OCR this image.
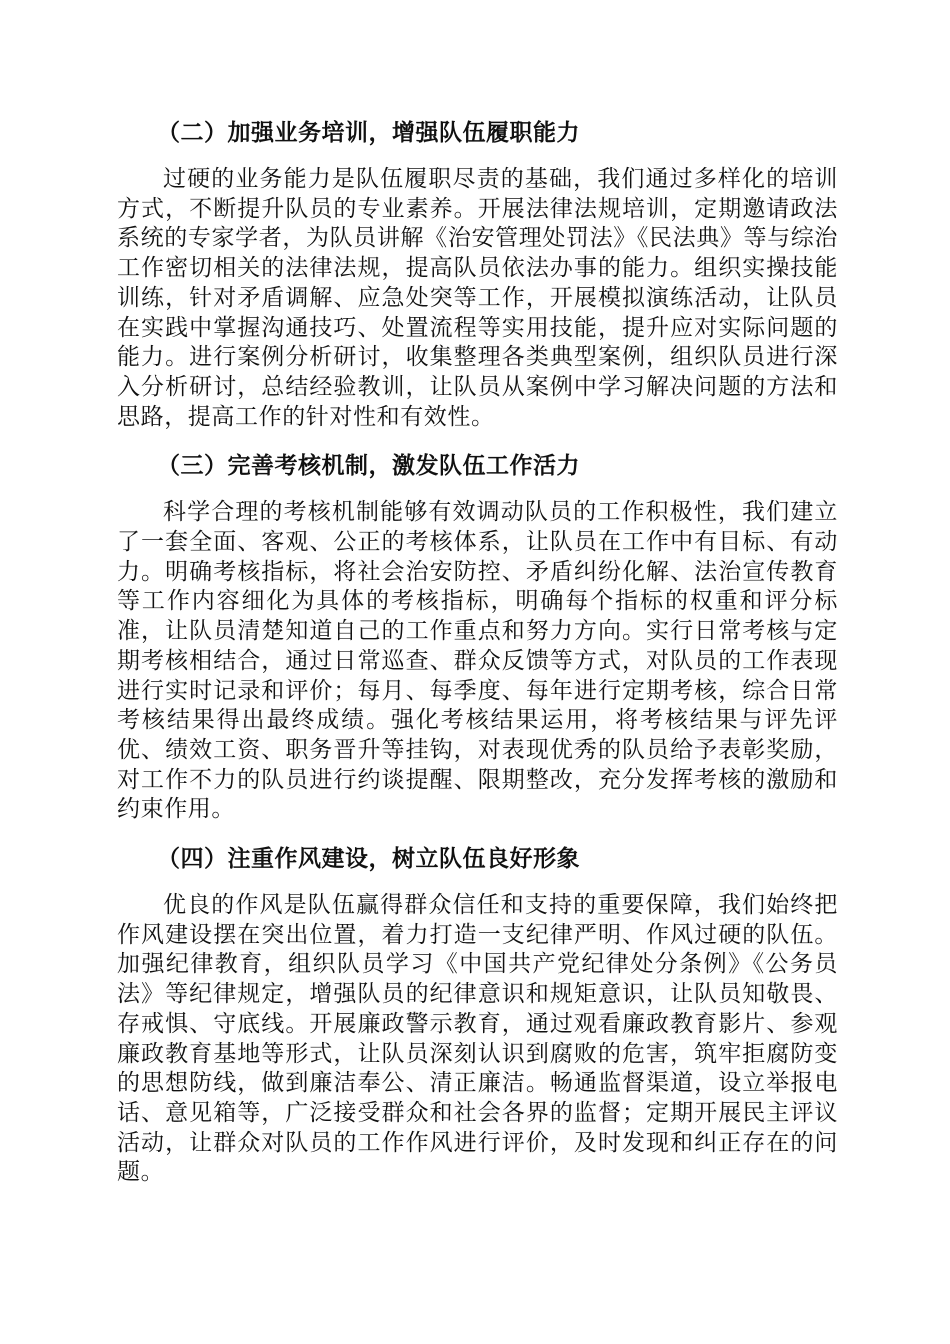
（二）加强业务培训，增强队伍履职能力

过硬的业务能力是队伍履职尽责的基础，我们通过多样化的培训方式，不断提升队员的专业素养。开展法律法规培训，定期邀请政法系统的专家学者，为队员讲解《治安管理处罚法》《民法典》等与综治工作密切相关的法律法规，提高队员依法办事的能力。组织实操技能训练，针对矛盾调解、应急处突等工作，开展模拟演练活动，让队员在实践中掌握沟通技巧、处置流程等实用技能，提升应对实际问题的能力。进行案例分析研讨，收集整理各类典型案例，组织队员进行深入分析研讨，总结经验教训，让队员从案例中学习解决问题的方法和思路，提高工作的针对性和有效性。

（三）完善考核机制，激发队伍工作活力

科学合理的考核机制能够有效调动队员的工作积极性，我们建立了一套全面、客观、公正的考核体系，让队员在工作中有目标、有动力。明确考核指标，将社会治安防控、矛盾纠纷化解、法治宣传教育等工作内容细化为具体的考核指标，明确每个指标的权重和评分标准，让队员清楚知道自己的工作重点和努力方向。实行日常考核与定期考核相结合，通过日常巡查、群众反馈等方式，对队员的工作表现进行实时记录和评价；每月、每季度、每年进行定期考核，综合日常考核结果得出最终成绩。强化考核结果运用，将考核结果与评先评优、绩效工资、职务晋升等挂钩，对表现优秀的队员给予表彰奖励，对工作不力的队员进行约谈提醒、限期整改，充分发挥考核的激励和约束作用。

（四）注重作风建设，树立队伍良好形象

优良的作风是队伍赢得群众信任和支持的重要保障，我们始终把作风建设摆在突出位置，着力打造一支纪律严明、作风过硬的队伍。加强纪律教育，组织队员学习《中国共产党纪律处分条例》《公务员法》等纪律规定，增强队员的纪律意识和规矩意识，让队员知敬畏、存戒惧、守底线。开展廉政警示教育，通过观看廉政教育影片、参观廉政教育基地等形式，让队员深刻认识到腐败的危害，筑牢拒腐防变的思想防线，做到廉洁奉公、清正廉洁。畅通监督渠道，设立举报电话、意见箱等，广泛接受群众和社会各界的监督；定期开展民主评议活动，让群众对队员的工作作风进行评价，及时发现和纠正存在的问题。
